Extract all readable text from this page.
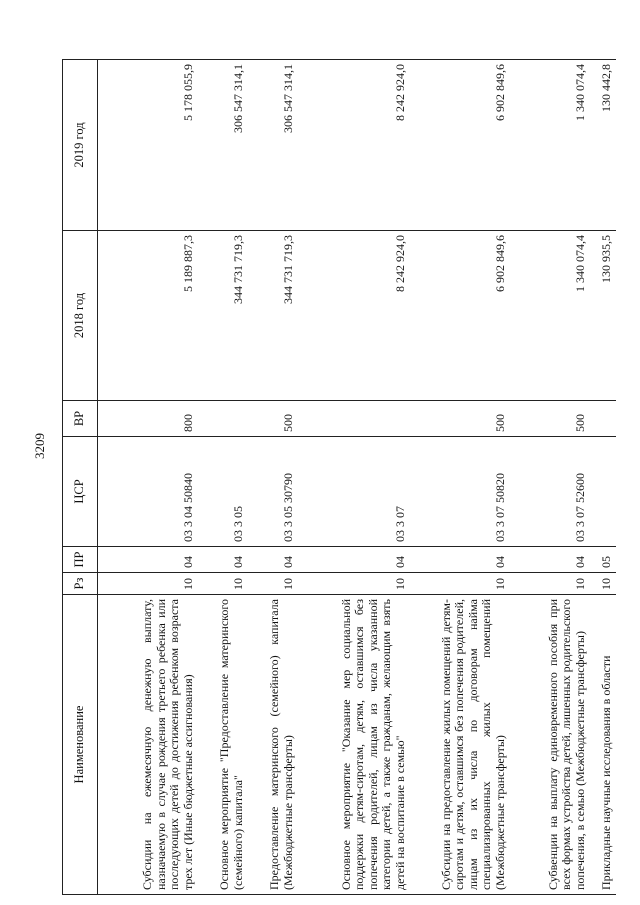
3209
Наименование	Рз	ПР	ЦСР	ВР	2018 год	2019 год
Субсидии на ежемесячную денежную выплату, назначаемую в случае рождения третьего ребенка или последующих детей до достижения ребенком возраста трех лет (Иные бюджетные ассигнования)	10	04	03 3 04 50840	800	5 189 887,3	5 178 055,9
Основное мероприятие "Предоставление материнского (семейного) капитала"	10	04	03 3 05		344 731 719,3	306 547 314,1
Предоставление материнского (семейного) капитала (Межбюджетные трансферты)	10	04	03 3 05 30790	500	344 731 719,3	306 547 314,1
Основное мероприятие "Оказание мер социальной поддержки детям-сиротам, детям, оставшимся без попечения родителей, лицам из числа указанной категории детей, а также гражданам, желающим взять детей на воспитание в семью"	10	04	03 3 07		8 242 924,0	8 242 924,0
Субсидии на предоставление жилых помещений детям-сиротам и детям, оставшимся без попечения родителей, лицам из их числа по договорам найма специализированных жилых помещений (Межбюджетные трансферты)	10	04	03 3 07 50820	500	6 902 849,6	6 902 849,6
Субвенции на выплату единовременного пособия при всех формах устройства детей, лишенных родительского попечения, в семью (Межбюджетные трансферты)	10	04	03 3 07 52600	500	1 340 074,4	1 340 074,4
Прикладные научные исследования в области	10	05			130 935,5	130 442,8
